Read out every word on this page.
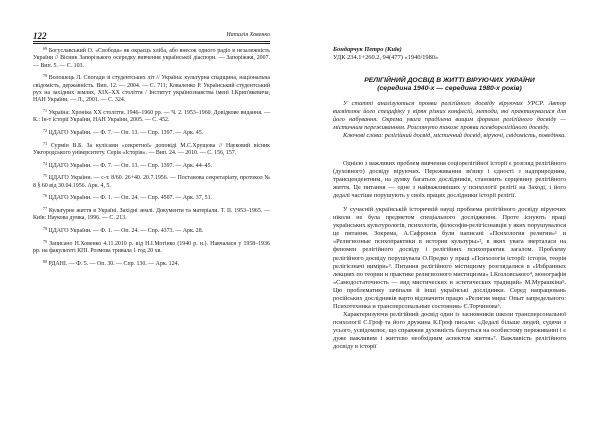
122	Наталія Ховенко

$^{69}$ Богуславський О. «Свобода» як окраєць хліба, або внесок одного радіо в незалежність України // Вісник Запорізького осередку вивчення української діаспори. — Запоріжжя, 2007. — Вип. 5. — С. 103.

$^{70}$ Волошець Л. Спогади зі студентських літ // Україна: культурна спадщина, національна свідомість, державність. Вип. 12. — 2004. — С. 711; Коваленко Р. Український студентський рух на західних землях, XIX–XX століття / Інститут українознавства імені І.Крип'якевича, НАН України. — Л., 2001. — С. 324.

$^{71}$ Україна: Хроніка XX століття. 1946–1960 рр. — Ч. 2. 1953–1960. Довідкове видання. — К.: Ін-т історії України, НАН України, 2005. — С. 452.

$^{72}$ ЦДАГО України. — Ф. 7. — Оп. 13. — Спр. 1397. — Арк. 45.

$^{73}$ Сурмін В.Б. За кулісами «секретної» доповіді М.С.Хрущова // Науковий вісник Ужгородського університету. Серія «Історія». — Вип. 24. — 2010. — С. 156, 157.

$^{74}$ ЦДАГО України. — Ф. 7. — Оп. 13. — Спр. 1397. — Арк. 44–45.

$^{75}$ ЦДАГО України. — с-т. 8/60. 26+40. 20.7.1956. — Постанова секретаріату, протокол № 8 § 60 від 30.04.1956. Арк. 4, 5.

$^{76}$ ЦДАГО України. — Ф. 1. — Оп. 24. — Спр. 4507. — Арк. 37, 51.

$^{77}$ Культурне життя в Україні. Західні землі. Документи та матеріали. Т. II. 1953–1965. — Київ: Наукова думка, 1996. — С. 213.

$^{78}$ ЦДАГО України. — Ф. 1. — Оп. 24. — Спр. 4373. — Арк. 28.

$^{79}$ Записано Н.Ховенко 4.11.2010 р. від Н.І.Мотінко (1940 р. н.). Навчалася у 1958–1936 рр. на факультеті КПІ. Розмова тривала 1 год 20 хв.

$^{80}$ РДАНІ. — Ф. 5. — Оп. 30. — Спр. 130. — Арк. 124.

Бондарчук Петро (Київ)
УДК 234.1+260.2, 94(477) «1940/1980»
РЕЛІГІЙНИЙ ДОСВІД В ЖИТТІ ВІРУЮЧИХ УКРАЇНИ
(середина 1940-х — середина 1980-х років)

У статті аналізуються прояви релігійного досвіду віруючих УРСР. Автор висвітлює його специфіку у вірян різних конфесій, методи, які практикувалися для його набування. Окрема увага приділена вищим формам релігійного досвіду — містичним переживанням. Розглянуто також прояви псевдорелігійного досвіду.

Ключові слова: релігійний досвід, містичний досвід, віруючі, свідомість, поведінка.

Однією з важливих проблем вивчення соціорелігійної історії є розгляд релігійного (духовного) досвіду віруючих. Переживання зв'язку і єдності з надприродним, трансцендентним, на думку багатьох дослідників, становить серцевину релігійного життя. Це питання — одне з найважливіших у психології релігії на Заході, і його дедалі частіше порушують у своїх працях дослідники історії релігії.

У сучасній українській історичній науці проблема релігійного досвіду віруючих ніколи не була предметом спеціального дослідження. Проте існують праці українських культурологів, психологів, філософів-релігієзнавців у яких порушувалося це питання. Зокрема, А.Сафронов були написані «Психология религии»¹ и «Религиозные психопрактики в истории культуры»², в яких увага зверталася на феномен релігійного досвіду і релігійних психопрактик загалом. Проблему релігійного досвіду порушувала О.Предко у праці «Психологія історії: історія, теорія релігієзначі виміри»³. Питання релігійного містицизму розглядалися в «Избранных лекциях по теории и практике религиозного мистицизма» І.Козловського⁴, монографія «Самодостаточность — вид мистических и эстетических традиций» М.Мурашкіна⁵. Цю проблематику зачіпали й інші українські дослідники. Серед напрацювань російських дослідників варто відзначити працю «Религия мира: Опыт запредельного: Психотехника и трансперсональные состояния» Є.Торчинова⁶.

Характеризуючи релігійний досвід один із засновників школи трансперсональної психології С.Гроф та його дружина К.Гроф писали: «Дедалі більше людей, судячи з усього, усвідомлює, що справжня духовність базується на особистому переживанні і є дуже важливим і життєво необхідним аспектом життя»⁷. Важливість релігійного досвіду в історії
